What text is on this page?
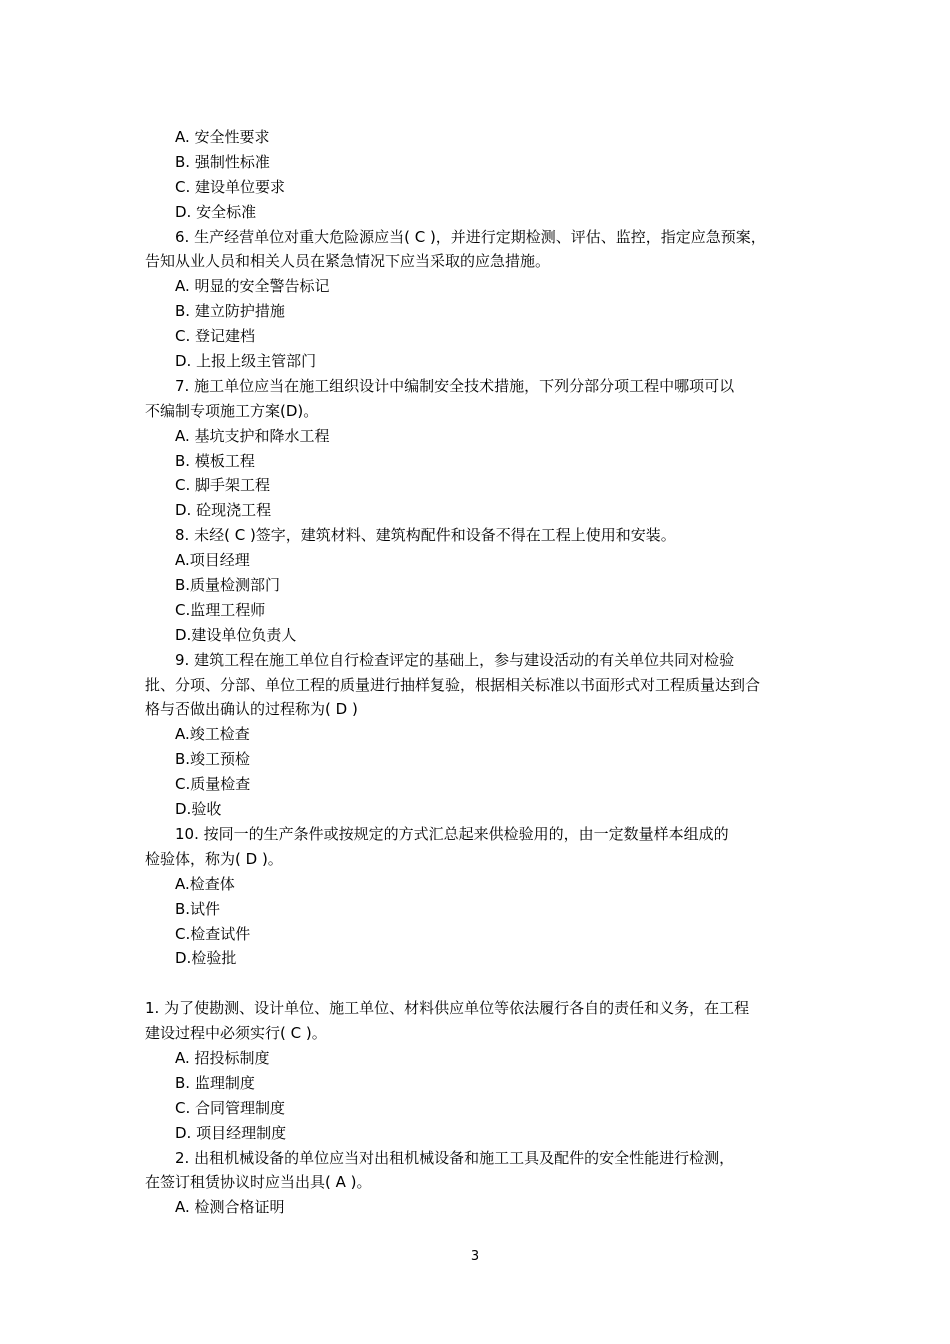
A. 安全性要求
B. 强制性标准
C. 建设单位要求
D. 安全标准
6. 生产经营单位对重大危险源应当( C )，并进行定期检测、评估、监控，指定应急预案，
告知从业人员和相关人员在紧急情况下应当采取的应急措施。
A. 明显的安全警告标记
B. 建立防护措施
C. 登记建档
D. 上报上级主管部门
7. 施工单位应当在施工组织设计中编制安全技术措施，下列分部分项工程中哪项可以
不编制专项施工方案(D)。
A. 基坑支护和降水工程
B. 模板工程
C. 脚手架工程
D. 砼现浇工程
8. 未经( C )签字，建筑材料、建筑构配件和设备不得在工程上使用和安装。
A.项目经理
B.质量检测部门
C.监理工程师
D.建设单位负责人
9. 建筑工程在施工单位自行检查评定的基础上，参与建设活动的有关单位共同对检验
批、分项、分部、单位工程的质量进行抽样复验，根据相关标准以书面形式对工程质量达到合
格与否做出确认的过程称为( D )
A.竣工检查
B.竣工预检
C.质量检查
D.验收
10. 按同一的生产条件或按规定的方式汇总起来供检验用的，由一定数量样本组成的
检验体，称为( D )。
A.检查体
B.试件
C.检查试件
D.检验批
1. 为了使勘测、设计单位、施工单位、材料供应单位等依法履行各自的责任和义务，在工程
建设过程中必须实行( C )。
A. 招投标制度
B. 监理制度
C. 合同管理制度
D. 项目经理制度
2. 出租机械设备的单位应当对出租机械设备和施工工具及配件的安全性能进行检测，
在签订租赁协议时应当出具( A )。
A. 检测合格证明
3
